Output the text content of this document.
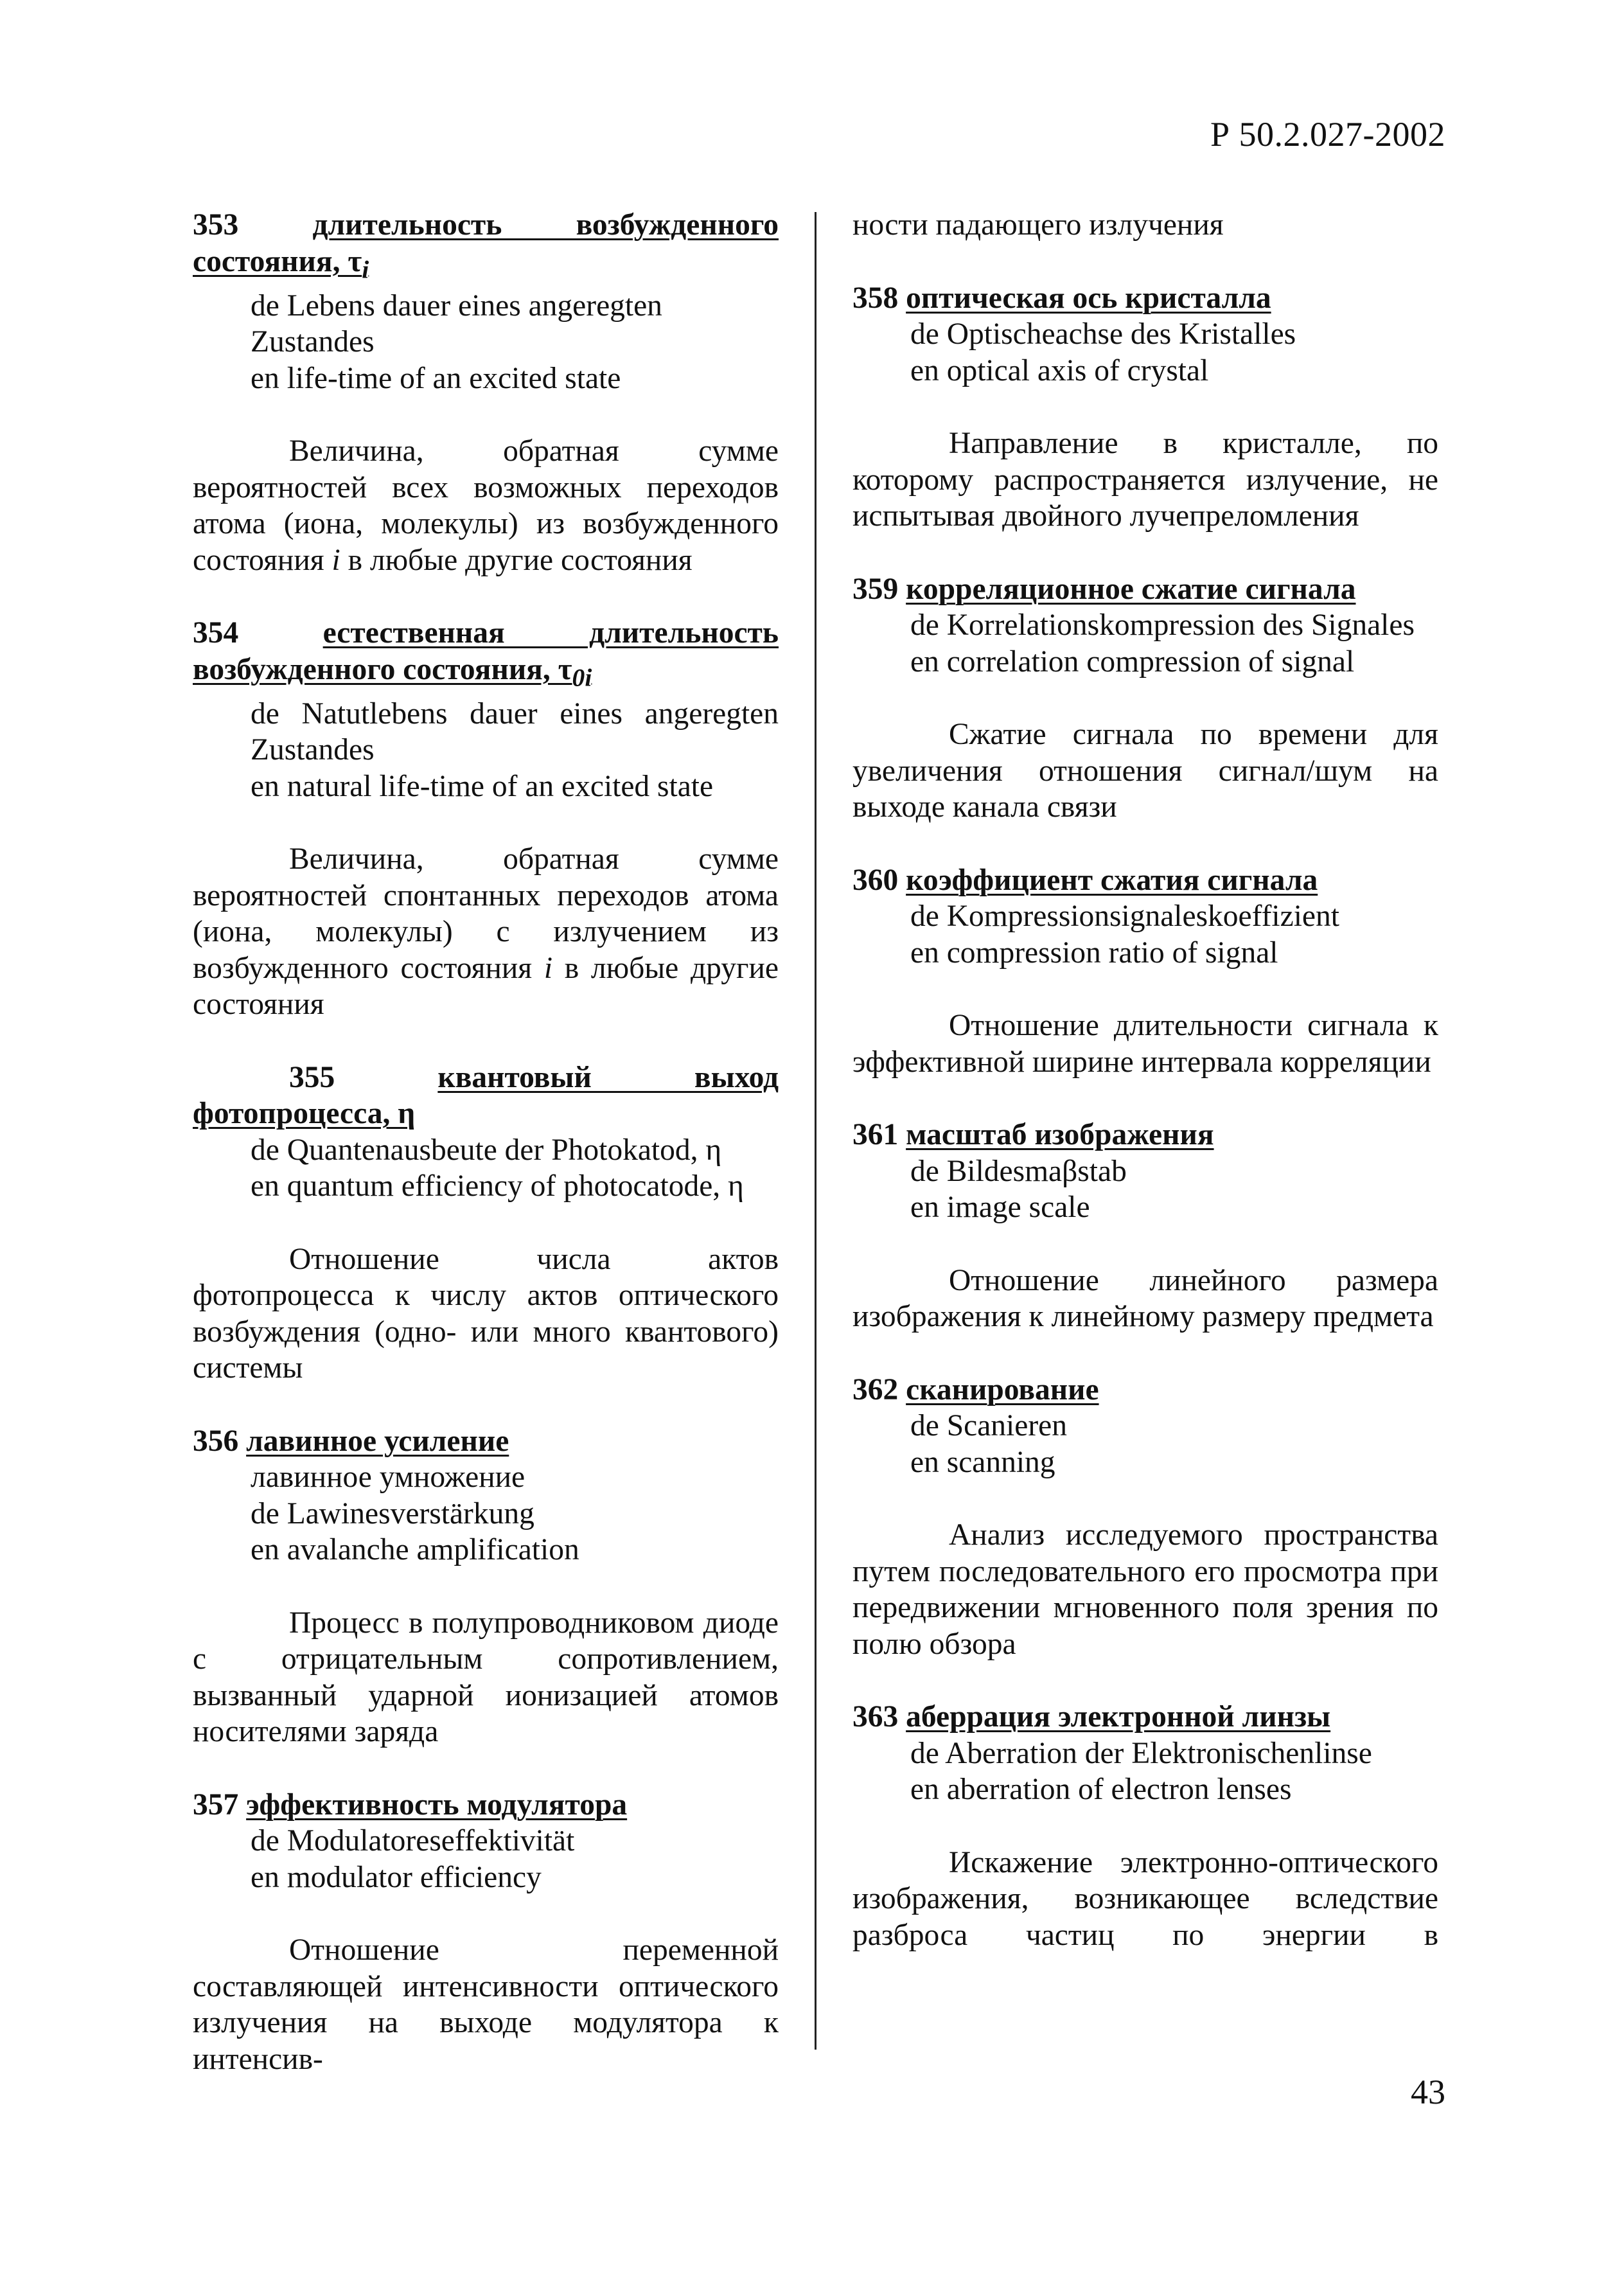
Р 50.2.027-2002
353 длительность возбужденного состояния, $\tau_i$
de Lebens dauer eines angeregten Zustandes
en life-time of an excited state
Величина, обратная сумме вероятностей всех возможных переходов атома (иона, молекулы) из возбужденного состояния i в любые другие состояния
354	естественная длительность возбужденного состояния, $\tau_{0i}$
de Natutlebens dauer eines angeregten Zustandes
en natural life-time of an excited state
Величина, обратная сумме вероятностей спонтанных переходов атома (иона, молекулы) с излучением из возбужденного состояния i в любые другие состояния
355	квантовый выход фотопроцесса, η
de Quantenausbeute der Photokatod, η
en quantum efficiency of photocatode, η
Отношение числа актов фотопроцесса к числу актов оптического возбуждения (одно- или много квантового) системы
356 лавинное усиление
лавинное умножение
de Lawinesverstärkung
en avalanche amplification
Процесс в полупроводниковом диоде с отрицательным сопротивлением, вызванный ударной ионизацией атомов носителями заряда
357 эффективность модулятора
de Modulatoreseffektivität
en modulator efficiency
Отношение переменной составляющей интенсивности оптического излучения на выходе модулятора к интенсив-
ности падающего излучения
358 оптическая ось кристалла
de Optischeachse des Kristalles
en optical axis of crystal
Направление в кристалле, по которому распространяется излучение, не испытывая двойного лучепреломления
359 корреляционное сжатие сигнала
de Korrelationskompression des Signales
en correlation compression of signal
Сжатие сигнала по времени для увеличения отношения сигнал/шум на выходе канала связи
360 коэффициент сжатия сигнала
de Kompressionsignaleskoeffizient
en compression ratio of signal
Отношение длительности сигнала к эффективной ширине интервала корреляции
361 масштаб изображения
de Bildesmaβstab
en image scale
Отношение линейного размера изображения к линейному размеру предмета
362 сканирование
de Scanieren
en scanning
Анализ исследуемого пространства путем последовательного его просмотра при передвижении мгновенного поля зрения по полю обзора
363 аберрация электронной линзы
de Aberration der Elektronischenlinse
en aberration of electron lenses
Искажение электронно-оптического изображения, возникающее вследствие разброса частиц по энергии в
43
